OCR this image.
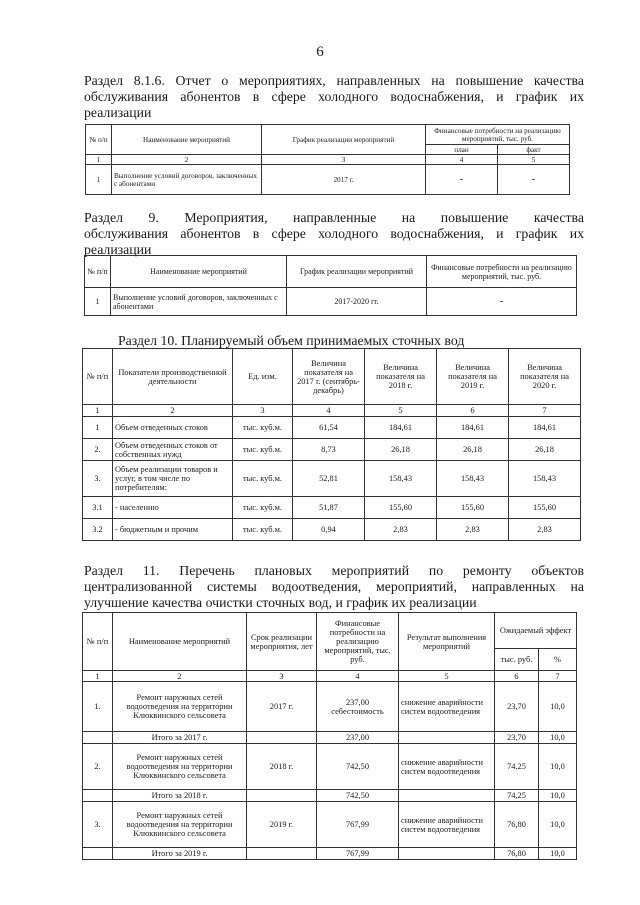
6
Раздел 8.1.6. Отчет о мероприятиях, направленных на повышение качества
обслуживания абонентов в сфере холодного водоснабжения, и график их
реализации
№ п/п	Наименование мероприятий	График реализации мероприятий	Финансовые потребности на реализацию мероприятий, тыс. руб.	
			план	факт
1	2	3	4	5
1	Выполнение условий договоров, заключенных с абонентами	2017 г.	-	-
Раздел 9. Мероприятия, направленные на повышение качества
обслуживания абонентов в сфере холодного водоснабжения, и график их
реализации
№ п/п	Наименование мероприятий	График реализации мероприятий	Финансовые потребности на реализацию мероприятий, тыс. руб.
1	Выполнение условий договоров, заключенных с абонентами	2017-2020 гг.	-
Раздел 10. Планируемый объем принимаемых сточных вод
№ п/п	Показатели производственной деятельности	Ед. изм.	Величина показателя на 2017 г. (сентябрь-декабрь)	Величина показателя на 2018 г.	Величина показателя на 2019 г.	Величина показателя на 2020 г.
1	2	3	4	5	6	7
1	Объем отведенных стоков	тыс. куб.м.	61,54	184,61	184,61	184,61
2.	Объем отведенных стоков от собственных нужд	тыс. куб.м.	8,73	26,18	26,18	26,18
3.	Объем реализации товаров и услуг, в том числе по потребителям:	тыс. куб.м.	52,81	158,43	158,43	158,43
3.1	- населению	тыс. куб.м.	51,87	155,60	155,60	155,60
3.2	- бюджетным и прочим	тыс. куб.м.	0,94	2,83	2,83	2,83
Раздел 11. Перечень плановых мероприятий по ремонту объектов
централизованной системы водоотведения, мероприятий, направленных на
улучшение качества очистки сточных вод, и график их реализации
№ п/п	Наименование мероприятий	Срок реализации мероприятия, лет	Финансовые потребности на реализацию мероприятий, тыс. руб.	Результат выполнения мероприятий	Ожидаемый эффект	
					тыс. руб.	%
1	2	3	4	5	6	7
1.	Ремонт наружных сетей водоотведения на территории Клюквинского сельсовета	2017 г.	237,00 себестоимость	снижение аварийности систем водоотведения	23,70	10,0
	Итого за 2017 г.		237,00		23,70	10,0
2.	Ремонт наружных сетей водоотведения на территории Клюквинского сельсовета	2018 г.	742,50	снижение аварийности систем водоотведения	74,25	10,0
	Итого за 2018 г.		742,50		74,25	10,0
3.	Ремонт наружных сетей водоотведения на территории Клюквинского сельсовета	2019 г.	767,99	снижение аварийности систем водоотведения	76,80	10,0
	Итого за 2019 г.		767,99		76,80	10,0
